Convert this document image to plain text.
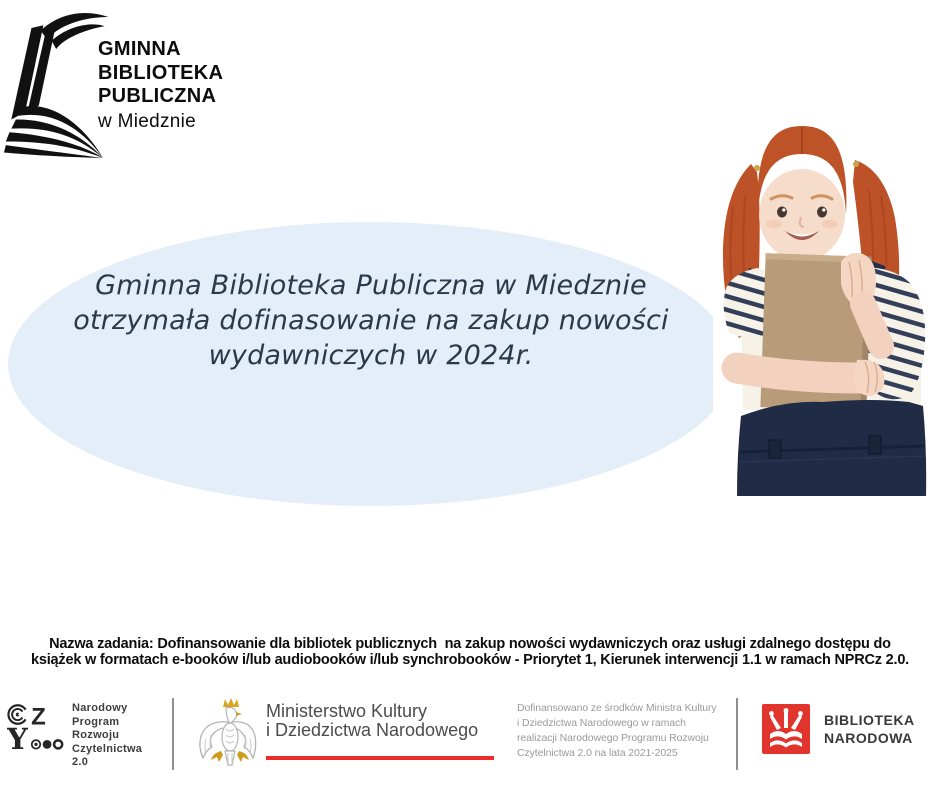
GMINNA
BIBLIOTEKA
PUBLICZNA
w Miedznie
Gminna Biblioteka Publiczna w Miedznie
otrzymała dofinasowanie na zakup nowości
wydawniczych w 2024r.
Nazwa zadania: Dofinansowanie dla bibliotek publicznych  na zakup nowości wydawniczych oraz usługi zdalnego dostępu do
książek w formatach e-booków i/lub audiobooków i/lub synchrobooków - Priorytet 1, Kierunek interwencji 1.1 w ramach NPRCz 2.0.
Z
Y
Narodowy
Program
Rozwoju
Czytelnictwa
2.0
Ministerstwo Kultury
i Dziedzictwa Narodowego
Dofinansowano ze środków Ministra Kultury
i Dziedzictwa Narodowego w ramach
realizacji Narodowego Programu Rozwoju
Czytelnictwa 2.0 na lata 2021-2025
BIBLIOTEKA
NARODOWA
